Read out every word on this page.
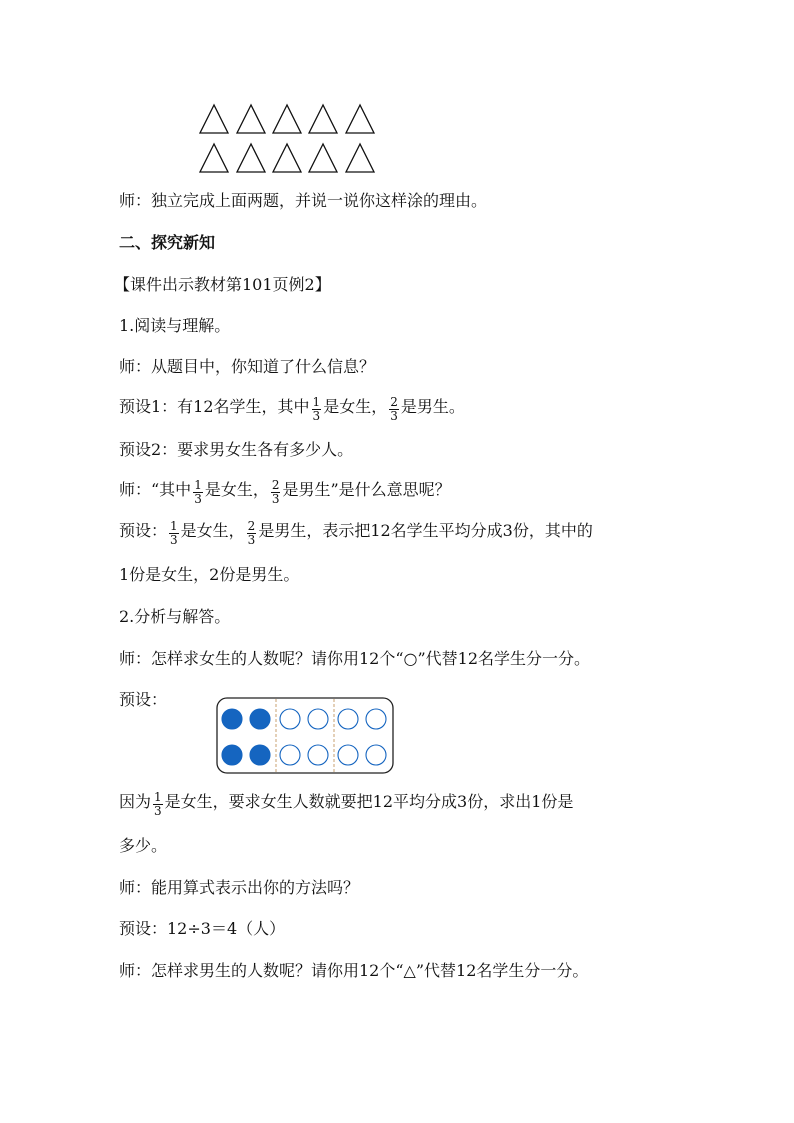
师：独立完成上面两题，并说一说你这样涂的理由。
二、探究新知
【课件出示教材第101页例2】
1.阅读与理解。
师：从题目中，你知道了什么信息？
预设1：有12名学生，其中 $\frac{1}{3}$ 是女生， $\frac{2}{3}$ 是男生。
预设2：要求男女生各有多少人。
师：“其中 $\frac{1}{3}$ 是女生， $\frac{2}{3}$ 是男生”是什么意思呢？
预设： $\frac{1}{3}$ 是女生， $\frac{2}{3}$ 是男生，表示把12名学生平均分成3份，其中的
1份是女生，2份是男生。
2.分析与解答。
师：怎样求女生的人数呢？请你用12个“○”代替12名学生分一分。
预设：
因为 $\frac{1}{3}$ 是女生，要求女生人数就要把12平均分成3份，求出1份是
多少。
师：能用算式表示出你的方法吗？
预设：12÷3＝4（人）
师：怎样求男生的人数呢？请你用12个“△”代替12名学生分一分。
